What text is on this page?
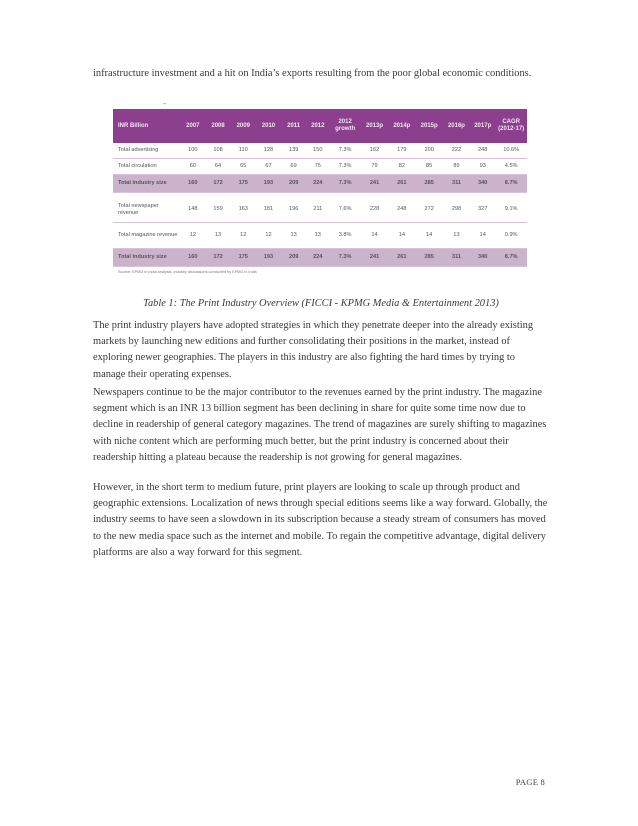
infrastructure investment and a hit on India’s exports resulting from the poor global economic conditions.

-
INR Billion	2007	2008	2009	2010	2011	2012	2012 growth	2013p	2014p	2015p	2016p	2017p	CAGR (2012-17)
Total advertising	100	108	110	128	139	150	7.3%	162	179	200	222	248	10.6%
Total circulation	60	64	65	67	69	75	7.3%	79	82	85	89	93	4.5%
Total industry size	160	172	175	193	209	224	7.3%	241	261	285	311	340	8.7%

Total newspaper revenue	148	159	163	181	196	211	7.6%	228	248	272	298	327	9.1%
Total magazine revenue	12	13	12	12	13	13	3.8%	14	14	14	13	14	0.9%
Total industry size	160	172	175	193	209	224	7.3%	241	261	285	311	340	8.7%
Source: KPMG in India analysis, industry discussions conducted by KPMG in India

Table 1: The Print Industry Overview (FICCI - KPMG Media & Entertainment 2013)

The print industry players have adopted strategies in which they penetrate deeper into the already existing markets by launching new editions and further consolidating their positions in the market, instead of exploring newer geographies. The players in this industry are also fighting the hard times by trying to manage their operating expenses.

Newspapers continue to be the major contributor to the revenues earned by the print industry. The magazine segment which is an INR 13 billion segment has been declining in share for quite some time now due to decline in readership of general category magazines. The trend of magazines are surely shifting to magazines with niche content which are performing much better, but the print industry is concerned about their readership hitting a plateau because the readership is not growing for general magazines.

However, in the short term to medium future, print players are looking to scale up through product and geographic extensions. Localization of news through special editions seems like a way forward. Globally, the industry seems to have seen a slowdown in its subscription because a steady stream of consumers has moved to the new media space such as the internet and mobile. To regain the competitive advantage, digital delivery platforms are also a way forward for this segment.

PAGE 8
